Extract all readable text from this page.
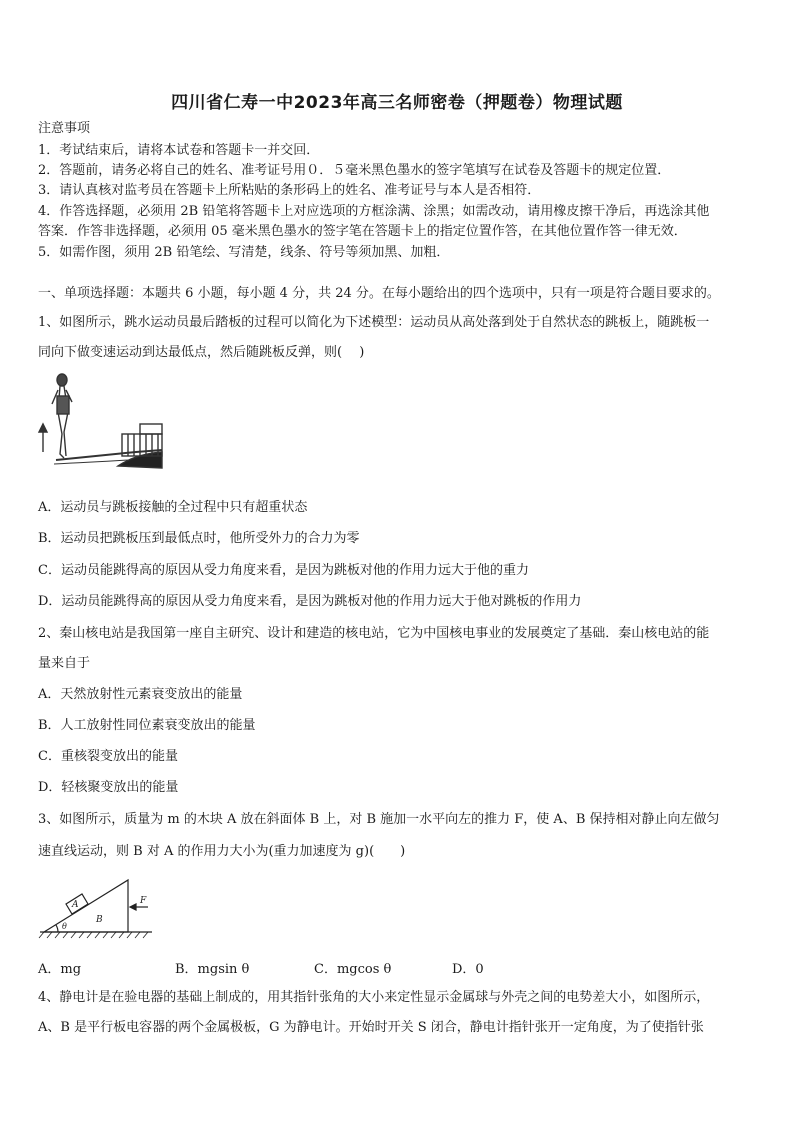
四川省仁寿一中2023年高三名师密卷（押题卷）物理试题
注意事项
1．考试结束后，请将本试卷和答题卡一并交回．
2．答题前，请务必将自己的姓名、准考证号用０．５毫米黑色墨水的签字笔填写在试卷及答题卡的规定位置．
3．请认真核对监考员在答题卡上所粘贴的条形码上的姓名、准考证号与本人是否相符．
4．作答选择题，必须用 2B 铅笔将答题卡上对应选项的方框涂满、涂黑；如需改动，请用橡皮擦干净后，再选涂其他
答案．作答非选择题，必须用 05 毫米黑色墨水的签字笔在答题卡上的指定位置作答，在其他位置作答一律无效．
5．如需作图，须用 2B 铅笔绘、写清楚，线条、符号等须加黑、加粗．
一、单项选择题：本题共 6 小题，每小题 4 分，共 24 分。在每小题给出的四个选项中，只有一项是符合题目要求的。
1、如图所示，跳水运动员最后踏板的过程可以简化为下述模型：运动员从高处落到处于自然状态的跳板上，随跳板一
同向下做变速运动到达最低点，然后随跳板反弹，则(　 )
A．运动员与跳板接触的全过程中只有超重状态
B．运动员把跳板压到最低点时，他所受外力的合力为零
C．运动员能跳得高的原因从受力角度来看，是因为跳板对他的作用力远大于他的重力
D．运动员能跳得高的原因从受力角度来看，是因为跳板对他的作用力远大于他对跳板的作用力
2、秦山核电站是我国第一座自主研究、设计和建造的核电站，它为中国核电事业的发展奠定了基础．秦山核电站的能
量来自于
A．天然放射性元素衰变放出的能量
B．人工放射性同位素衰变放出的能量
C．重核裂变放出的能量
D．轻核聚变放出的能量
3、如图所示，质量为 m 的木块 A 放在斜面体 B 上，对 B 施加一水平向左的推力 F，使 A、B 保持相对静止向左做匀
速直线运动，则 B 对 A 的作用力大小为(重力加速度为 g)(　　)
A
B
F
θ
A．mg	B．mgsin θ	C．mgcos θ	D．0
4、静电计是在验电器的基础上制成的，用其指针张角的大小来定性显示金属球与外壳之间的电势差大小，如图所示，
A、B 是平行板电容器的两个金属极板，G 为静电计。开始时开关 S 闭合，静电计指针张开一定角度，为了使指针张
